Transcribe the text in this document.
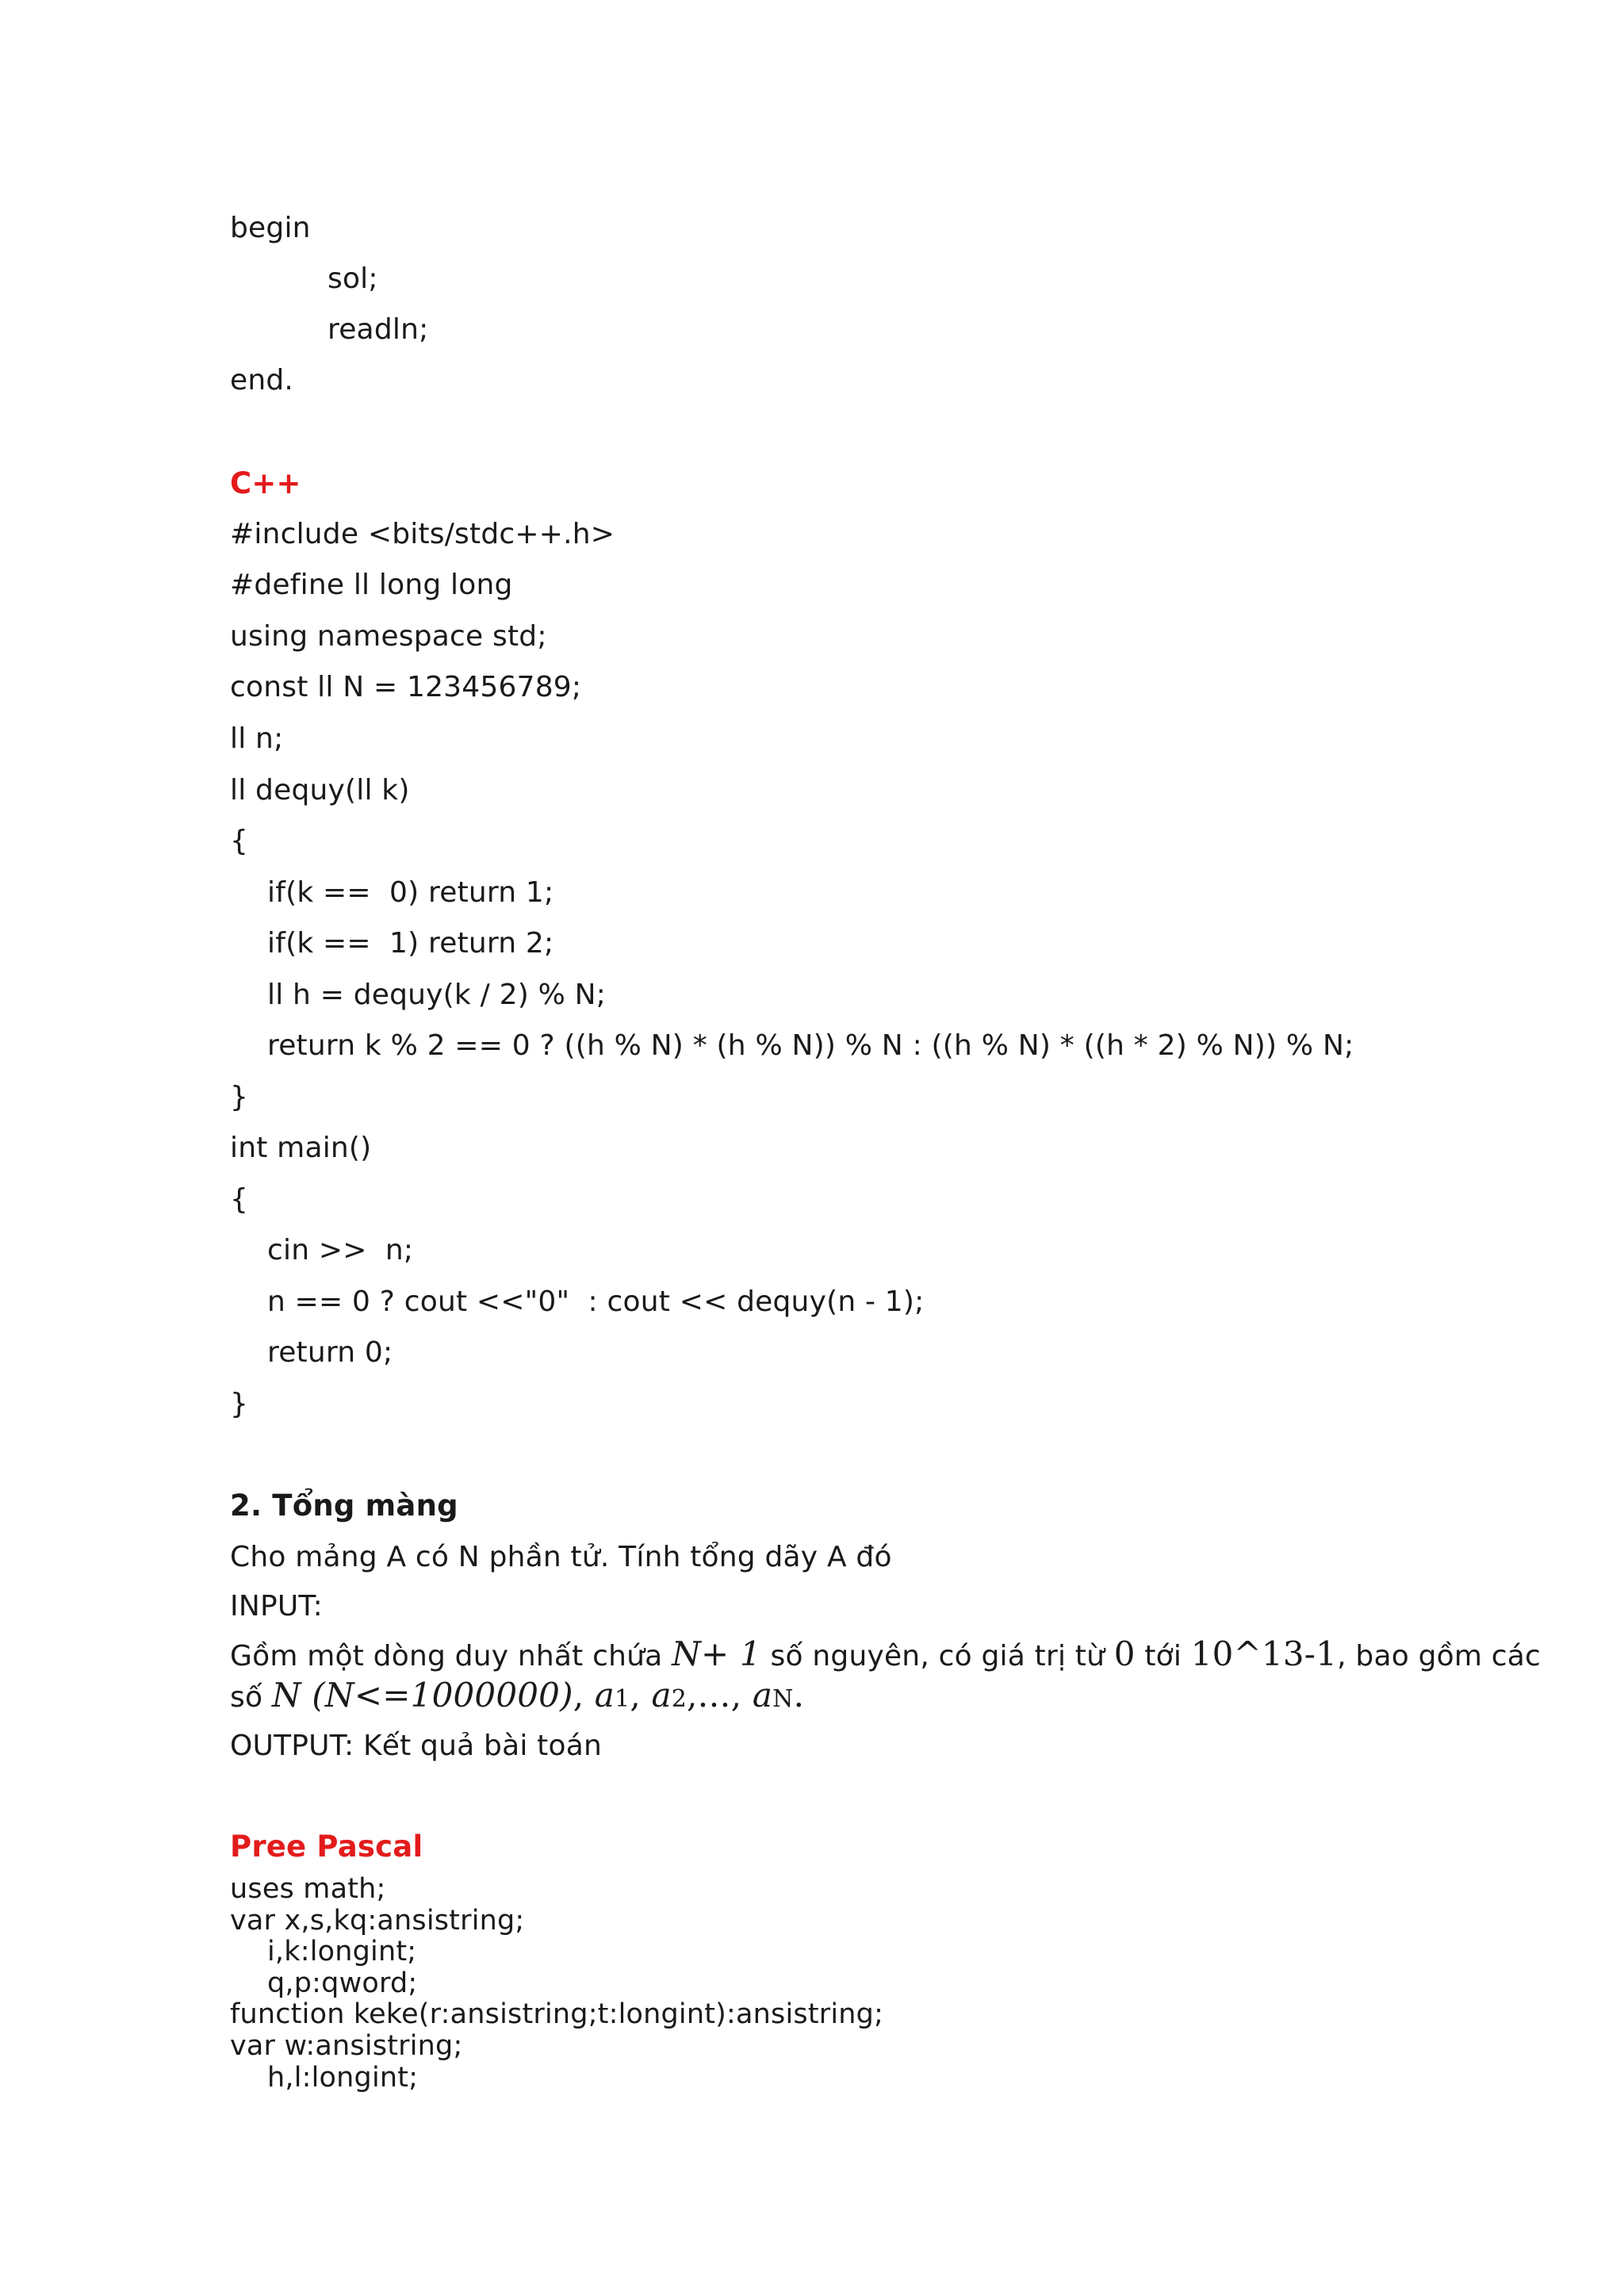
begin
sol;
readln;
end.
C++
#include <bits/stdc++.h>
#define ll long long
using namespace std;
const ll N = 123456789;
ll n;
ll dequy(ll k)
{
if(k ==  0) return 1;
if(k ==  1) return 2;
ll h = dequy(k / 2) % N;
return k % 2 == 0 ? ((h % N) * (h % N)) % N : ((h % N) * ((h * 2) % N)) % N;
}
int main()
{
cin >>  n;
n == 0 ? cout <<"0"  : cout << dequy(n - 1);
return 0;
}
2. Tổng màng
Cho mảng A có N phần tử. Tính tổng dãy A đó
INPUT:
Gồm một dòng duy nhất chứa N+ 1 số nguyên, có giá trị từ 0 tới 10^13-1, bao gồm các
số N (N<=1000000), a1, a2,…, aN.
OUTPUT: Kết quả bài toán
Pree Pascal
uses math;
var x,s,kq:ansistring;
i,k:longint;
q,p:qword;
function keke(r:ansistring;t:longint):ansistring;
var w:ansistring;
h,l:longint;
